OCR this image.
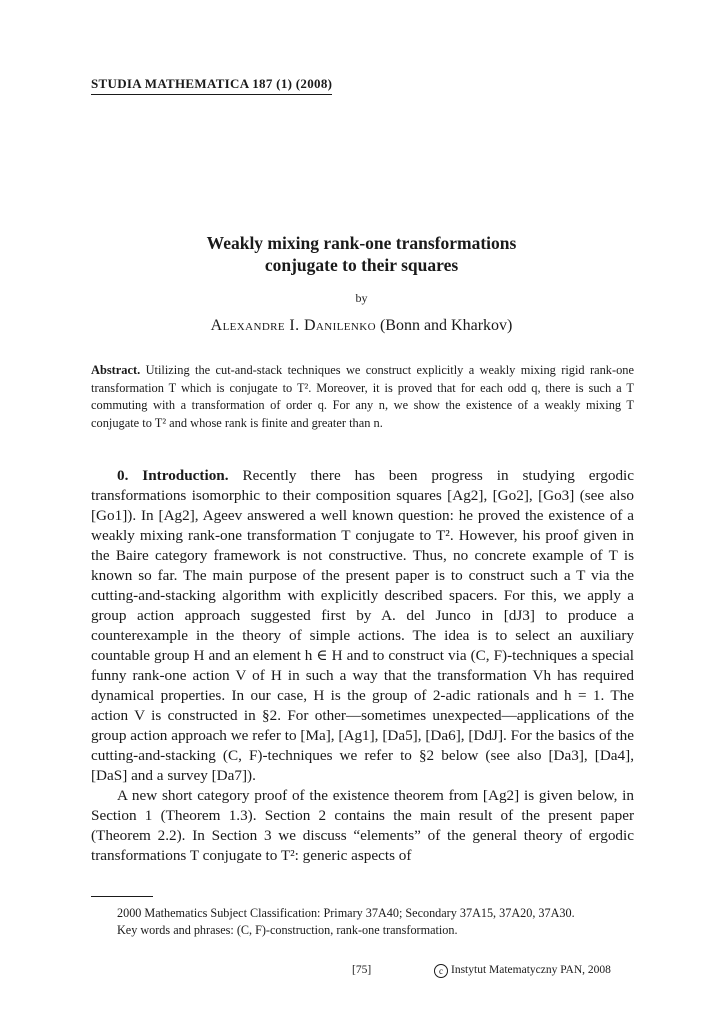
STUDIA MATHEMATICA 187 (1) (2008)
Weakly mixing rank-one transformations
conjugate to their squares
by
Alexandre I. Danilenko (Bonn and Kharkov)
Abstract. Utilizing the cut-and-stack techniques we construct explicitly a weakly mixing rigid rank-one transformation T which is conjugate to T². Moreover, it is proved that for each odd q, there is such a T commuting with a transformation of order q. For any n, we show the existence of a weakly mixing T conjugate to T² and whose rank is finite and greater than n.

0. Introduction. Recently there has been progress in studying ergodic transformations isomorphic to their composition squares [Ag2], [Go2], [Go3] (see also [Go1]). In [Ag2], Ageev answered a well known question: he proved the existence of a weakly mixing rank-one transformation T conjugate to T². However, his proof given in the Baire category framework is not constructive. Thus, no concrete example of T is known so far. The main purpose of the present paper is to construct such a T via the cutting-and-stacking algorithm with explicitly described spacers. For this, we apply a group action approach suggested first by A. del Junco in [dJ3] to produce a counterexample in the theory of simple actions. The idea is to select an auxiliary countable group H and an element h ∈ H and to construct via (C, F)-techniques a special funny rank-one action V of H in such a way that the transformation Vh has required dynamical properties. In our case, H is the group of 2-adic rationals and h = 1. The action V is constructed in §2. For other—sometimes unexpected—applications of the group action approach we refer to [Ma], [Ag1], [Da5], [Da6], [DdJ]. For the basics of the cutting-and-stacking (C, F)-techniques we refer to §2 below (see also [Da3], [Da4], [DaS] and a survey [Da7]).

A new short category proof of the existence theorem from [Ag2] is given below, in Section 1 (Theorem 1.3). Section 2 contains the main result of the present paper (Theorem 2.2). In Section 3 we discuss “elements” of the general theory of ergodic transformations T conjugate to T²: generic aspects of

2000 Mathematics Subject Classification: Primary 37A40; Secondary 37A15, 37A20, 37A30.

Key words and phrases: (C, F)-construction, rank-one transformation.

[75] c	Instytut Matematyczny PAN, 2008
